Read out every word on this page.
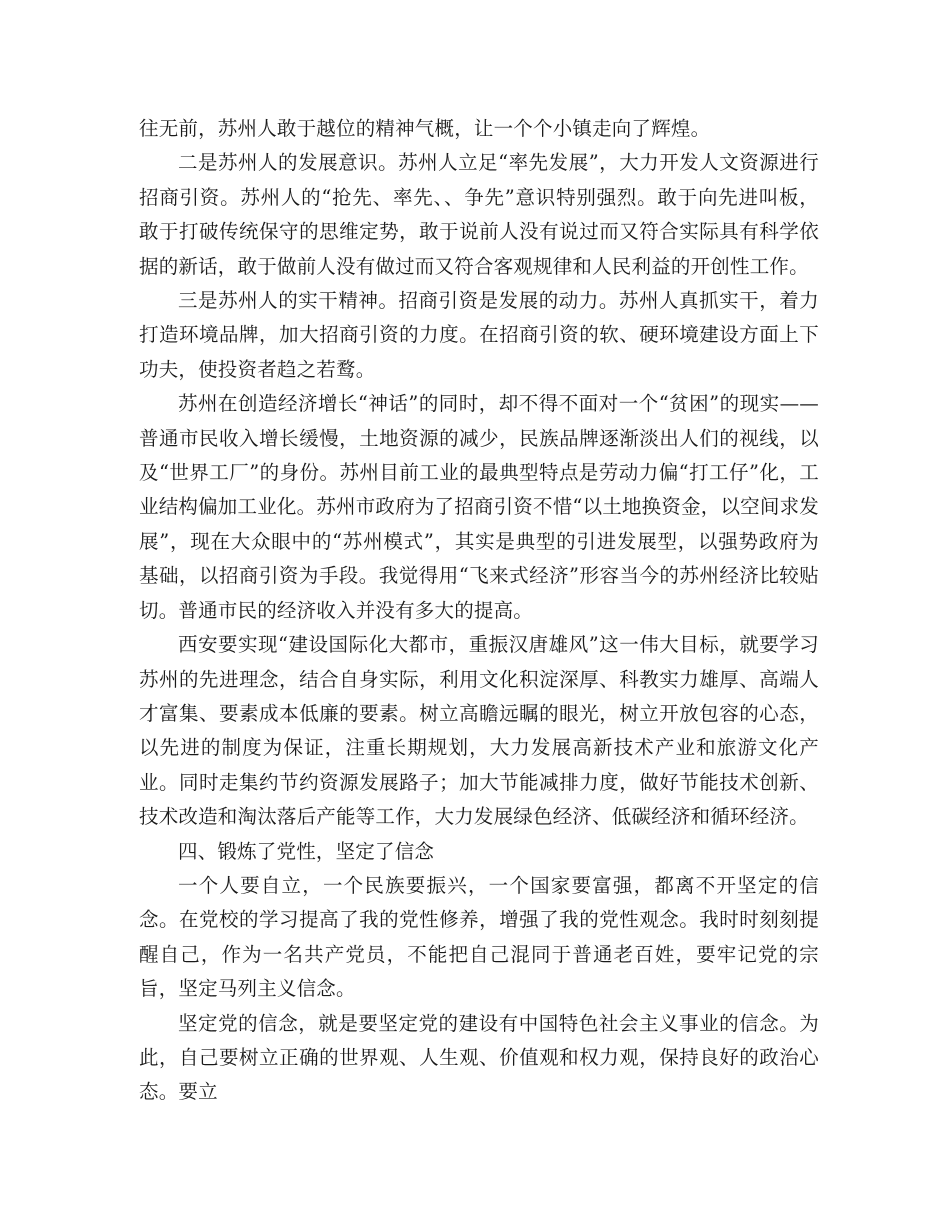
往无前，苏州人敢于越位的精神气概，让一个个小镇走向了辉煌。

二是苏州人的发展意识。苏州人立足“率先发展”，大力开发人文资源进行招商引资。苏州人的“抢先、率先、、争先”意识特别强烈。敢于向先进叫板，敢于打破传统保守的思维定势，敢于说前人没有说过而又符合实际具有科学依据的新话，敢于做前人没有做过而又符合客观规律和人民利益的开创性工作。

三是苏州人的实干精神。招商引资是发展的动力。苏州人真抓实干，着力打造环境品牌，加大招商引资的力度。在招商引资的软、硬环境建设方面上下功夫，使投资者趋之若鹜。

苏州在创造经济增长“神话”的同时，却不得不面对一个“贫困”的现实——普通市民收入增长缓慢，土地资源的减少，民族品牌逐渐淡出人们的视线，以及“世界工厂”的身份。苏州目前工业的最典型特点是劳动力偏“打工仔”化，工业结构偏加工业化。苏州市政府为了招商引资不惜“以土地换资金，以空间求发展”，现在大众眼中的“苏州模式”，其实是典型的引进发展型，以强势政府为基础，以招商引资为手段。我觉得用“飞来式经济”形容当今的苏州经济比较贴切。普通市民的经济收入并没有多大的提高。

西安要实现“建设国际化大都市，重振汉唐雄风”这一伟大目标，就要学习苏州的先进理念，结合自身实际，利用文化积淀深厚、科教实力雄厚、高端人才富集、要素成本低廉的要素。树立高瞻远瞩的眼光，树立开放包容的心态，以先进的制度为保证，注重长期规划，大力发展高新技术产业和旅游文化产业。同时走集约节约资源发展路子；加大节能减排力度，做好节能技术创新、技术改造和淘汰落后产能等工作，大力发展绿色经济、低碳经济和循环经济。

四、锻炼了党性，坚定了信念

一个人要自立，一个民族要振兴，一个国家要富强，都离不开坚定的信念。在党校的学习提高了我的党性修养，增强了我的党性观念。我时时刻刻提醒自己，作为一名共产党员，不能把自己混同于普通老百姓，要牢记党的宗旨，坚定马列主义信念。

坚定党的信念，就是要坚定党的建设有中国特色社会主义事业的信念。为此，自己要树立正确的世界观、人生观、价值观和权力观，保持良好的政治心态。要立
